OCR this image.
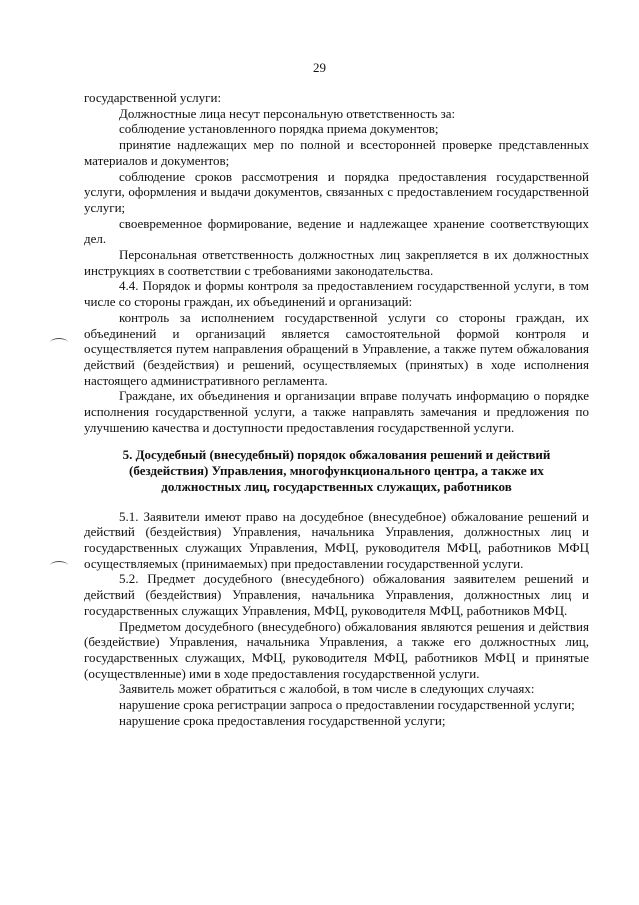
29

государственной услуги:

Должностные лица несут персональную ответственность за:

соблюдение установленного порядка приема документов;

принятие надлежащих мер по полной и всесторонней проверке представленных материалов и документов;

соблюдение сроков рассмотрения и порядка предоставления государственной услуги, оформления и выдачи документов, связанных с предоставлением государственной услуги;

своевременное формирование, ведение и надлежащее хранение соответствующих дел.

Персональная ответственность должностных лиц закрепляется в их должностных инструкциях в соответствии с требованиями законодательства.

4.4. Порядок и формы контроля за предоставлением государственной услуги, в том числе со стороны граждан, их объединений и организаций:

контроль за исполнением государственной услуги со стороны граждан, их объединений и организаций является самостоятельной формой контроля и осуществляется путем направления обращений в Управление, а также путем обжалования действий (бездействия) и решений, осуществляемых (принятых) в ходе исполнения настоящего административного регламента.

Граждане, их объединения и организации вправе получать информацию о порядке исполнения государственной услуги, а также направлять замечания и предложения по улучшению качества и доступности предоставления государственной услуги.

5. Досудебный (внесудебный) порядок обжалования решений и действий (бездействия) Управления, многофункционального центра, а также их должностных лиц, государственных служащих, работников

5.1. Заявители имеют право на досудебное (внесудебное) обжалование решений и действий (бездействия) Управления, начальника Управления, должностных лиц и государственных служащих Управления, МФЦ, руководителя МФЦ, работников МФЦ осуществляемых (принимаемых) при предоставлении государственной услуги.

5.2. Предмет досудебного (внесудебного) обжалования заявителем решений и действий (бездействия) Управления, начальника Управления, должностных лиц и государственных служащих Управления, МФЦ, руководителя МФЦ, работников МФЦ.

Предметом досудебного (внесудебного) обжалования являются решения и действия (бездействие) Управления, начальника Управления, а также его должностных лиц, государственных служащих, МФЦ, руководителя МФЦ, работников МФЦ и принятые (осуществленные) ими в ходе предоставления государственной услуги.

Заявитель может обратиться с жалобой, в том числе в следующих случаях:

нарушение срока регистрации запроса о предоставлении государственной услуги;

нарушение срока предоставления государственной услуги;
